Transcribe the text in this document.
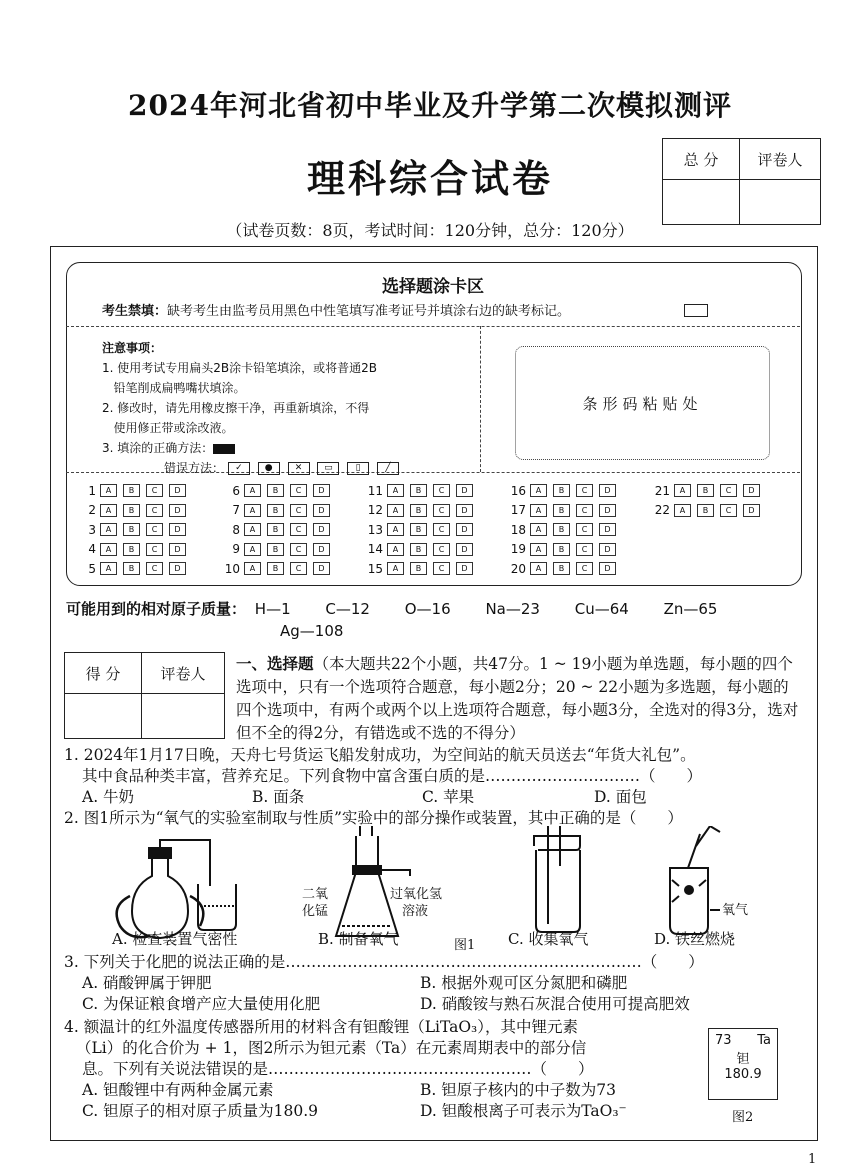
2024年河北省初中毕业及升学第二次模拟测评
理科综合试卷
（试卷页数：8页，考试时间：120分钟，总分：120分）
总 分	评卷人

选择题涂卡区
考生禁填：缺考考生由监考员用黑色中性笔填写准考证号并填涂右边的缺考标记。
注意事项：
1. 使用考试专用扁头2B涂卡铅笔填涂，或将普通2B
铅笔削成扁鸭嘴状填涂。
2. 修改时，请先用橡皮擦干净，再重新填涂，不得
使用修正带或涂改液。
3. 填涂的正确方法：
错误方法： ✓ ● ✕ ▭	▯	╱
条形码粘贴处
1	A	B	C	D
2	A	B	C	D
3	A	B	C	D
4	A	B	C	D
5	A	B	C	D
6	A	B	C	D
7	A	B	C	D
8	A	B	C	D
9	A	B	C	D
10	A	B	C	D
11	A	B	C	D
12	A	B	C	D
13	A	B	C	D
14	A	B	C	D
15	A	B	C	D
16	A	B	C	D
17	A	B	C	D
18	A	B	C	D
19	A	B	C	D
20	A	B	C	D
21	A	B	C	D
22	A	B	C	D
可能用到的相对原子质量： H—1 C—12 O—16 Na—23 Cu—64 Zn—65
Ag—108
得 分	评卷人

一、选择题（本大题共22个小题，共47分。1 ~ 19小题为单选题，每小题的四个选项中，只有一个选项符合题意，每小题2分；20 ~ 22小题为多选题，每小题的四个选项中，有两个或两个以上选项符合题意，每小题3分，全选对的得3分，选对但不全的得2分，有错选或不选的不得分）
1. 2024年1月17日晚，天舟七号货运飞船发射成功，为空间站的航天员送去“年货大礼包”。
其中食品种类丰富，营养充足。下列食物中富含蛋白质的是…………………………（　　）
A. 牛奶	B. 面条	C. 苹果	D. 面包
2. 图1所示为“氧气的实验室制取与性质”实验中的部分操作或装置，其中正确的是（　　）
二氧
化锰
过氧化氢
溶液	氧气
A. 检查装置气密性	B. 制备氧气	图1 C. 收集氧气	D. 铁丝燃烧
3. 下列关于化肥的说法正确的是……………………………………………………………（　　）
A. 硝酸钾属于钾肥	B. 根据外观可区分氮肥和磷肥
C. 为保证粮食增产应大量使用化肥	D. 硝酸铵与熟石灰混合使用可提高肥效
4. 额温计的红外温度传感器所用的材料含有钽酸锂（LiTaO₃），其中锂元素
（Li）的化合价为 + 1，图2所示为钽元素（Ta）在元素周期表中的部分信
息。下列有关说法错误的是……………………………………………（　　）
A. 钽酸锂中有两种金属元素	B. 钽原子核内的中子数为73
C. 钽原子的相对原子质量为180.9	D. 钽酸根离子可表示为TaO₃⁻
73 Ta
钽
180.9
图2
1
